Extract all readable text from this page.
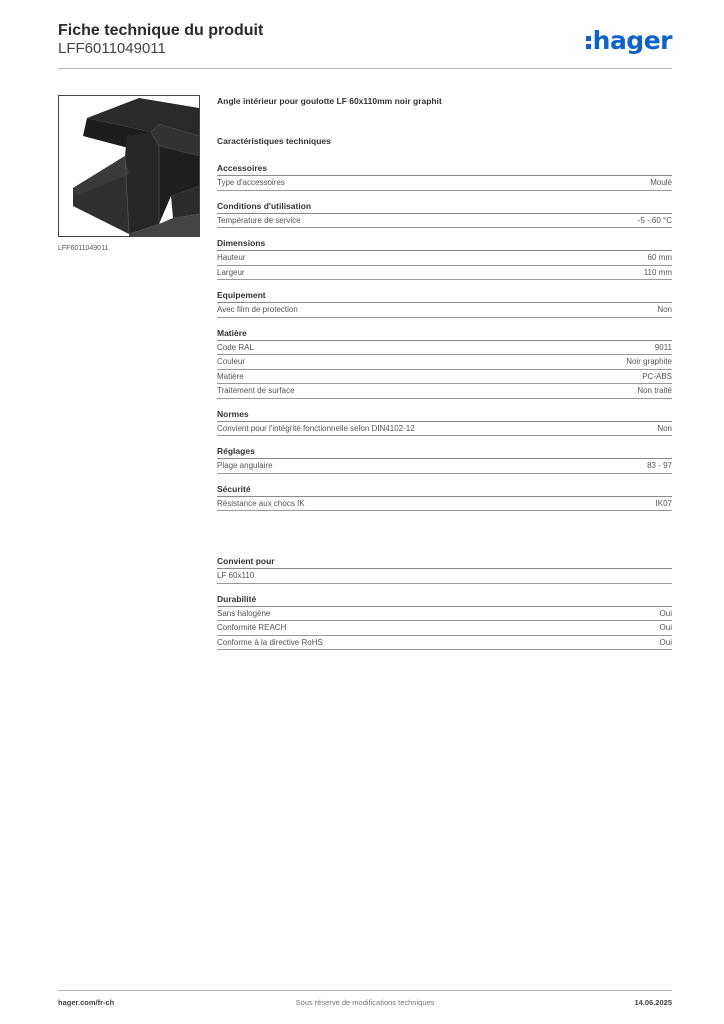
Fiche technique du produit
LFF6011049011	hager
LFF6011049011
Angle intérieur pour goulotte LF 60x110mm noir graphit
Caractéristiques techniques
Accessoires
Type d'accessoires	Moulé
Conditions d'utilisation
Température de service	-5 - 60 °C
Dimensions
Hauteur	60 mm
Largeur	110 mm
Equipement
Avec film de protection	Non
Matière
Code RAL	9011
Couleur	Noir graphite
Matière	PC-ABS
Traitement de surface	Non traité
Normes
Convient pour l'intégrité fonctionnelle selon DIN4102-12	Non
Réglages
Plage angulaire	83 - 97
Sécurité
Résistance aux chocs IK	IK07
Convient pour
LF 60x110
Durabilité
Sans halogène	Oui
Conformité REACH	Oui
Conforme à la directive RoHS	Oui
hager.com/fr-ch	Sous réserve de modifications techniques	14.06.2025
